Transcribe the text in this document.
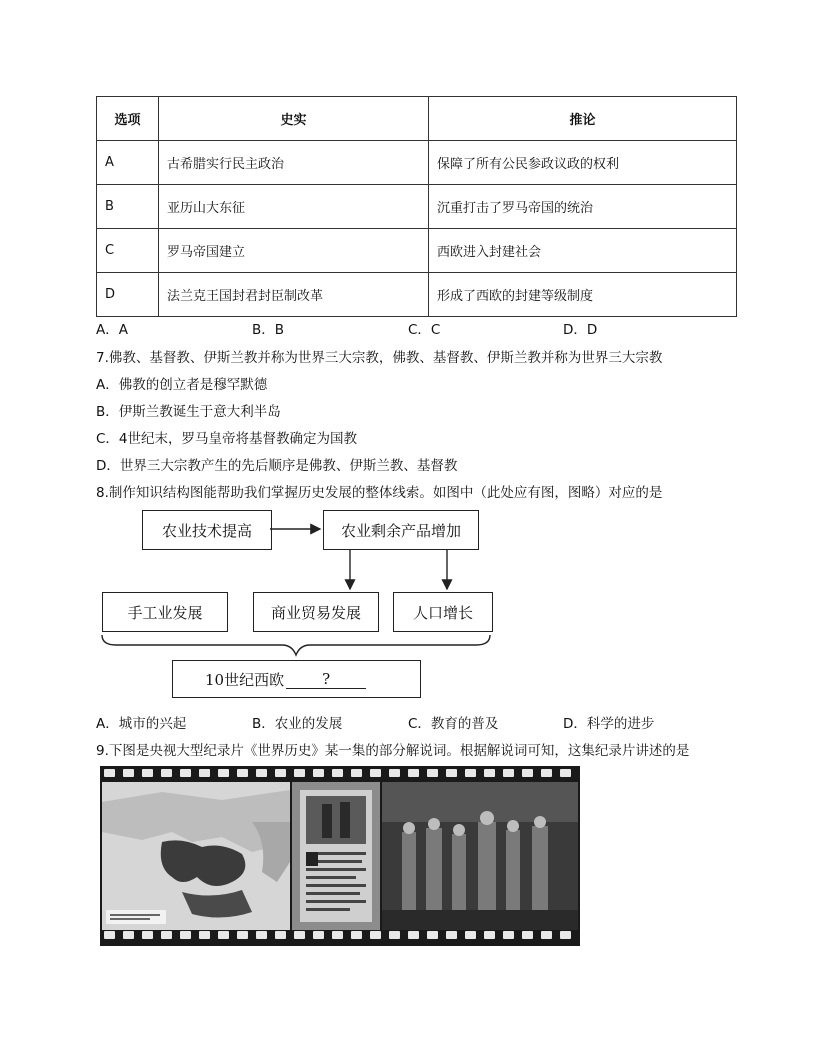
选项	史实	推论
A	古希腊实行民主政治	保障了所有公民参政议政的权利
B	亚历山大东征	沉重打击了罗马帝国的统治
C	罗马帝国建立	西欧进入封建社会
D	法兰克王国封君封臣制改革	形成了西欧的封建等级制度
A．A	B．B	C．C	D．D
7.佛教、基督教、伊斯兰教并称为世界三大宗教，佛教、基督教、伊斯兰教并称为世界三大宗教
A．佛教的创立者是穆罕默德
B．伊斯兰教诞生于意大利半岛
C．4世纪末，罗马皇帝将基督教确定为国教
D．世界三大宗教产生的先后顺序是佛教、伊斯兰教、基督教
8.制作知识结构图能帮助我们掌握历史发展的整体线索。如图中（此处应有图，图略）对应的是
农业技术提高	农业剩余产品增加
手工业发展	商业贸易发展	人口增长
10世纪西欧	?
A．城市的兴起	B．农业的发展	C．教育的普及	D．科学的进步
9.下图是央视大型纪录片《世界历史》某一集的部分解说词。根据解说词可知，这集纪录片讲述的是
